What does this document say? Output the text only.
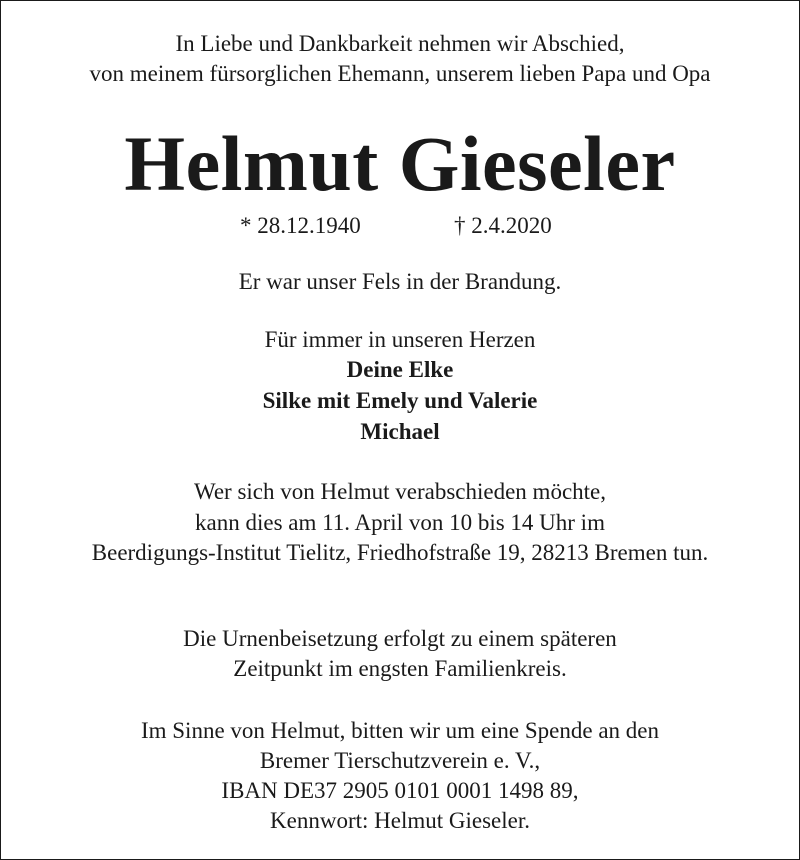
In Liebe und Dankbarkeit nehmen wir Abschied,
von meinem fürsorglichen Ehemann, unserem lieben Papa und Opa
Helmut Gieseler
* 28.12.1940	† 2.4.2020
Er war unser Fels in der Brandung.
Für immer in unseren Herzen
Deine Elke
Silke mit Emely und Valerie
Michael
Wer sich von Helmut verabschieden möchte,
kann dies am 11. April von 10 bis 14 Uhr im
Beerdigungs-Institut Tielitz, Friedhofstraße 19, 28213 Bremen tun.
Die Urnenbeisetzung erfolgt zu einem späteren
Zeitpunkt im engsten Familienkreis.
Im Sinne von Helmut, bitten wir um eine Spende an den
Bremer Tierschutzverein e. V.,
IBAN DE37 2905 0101 0001 1498 89,
Kennwort: Helmut Gieseler.
